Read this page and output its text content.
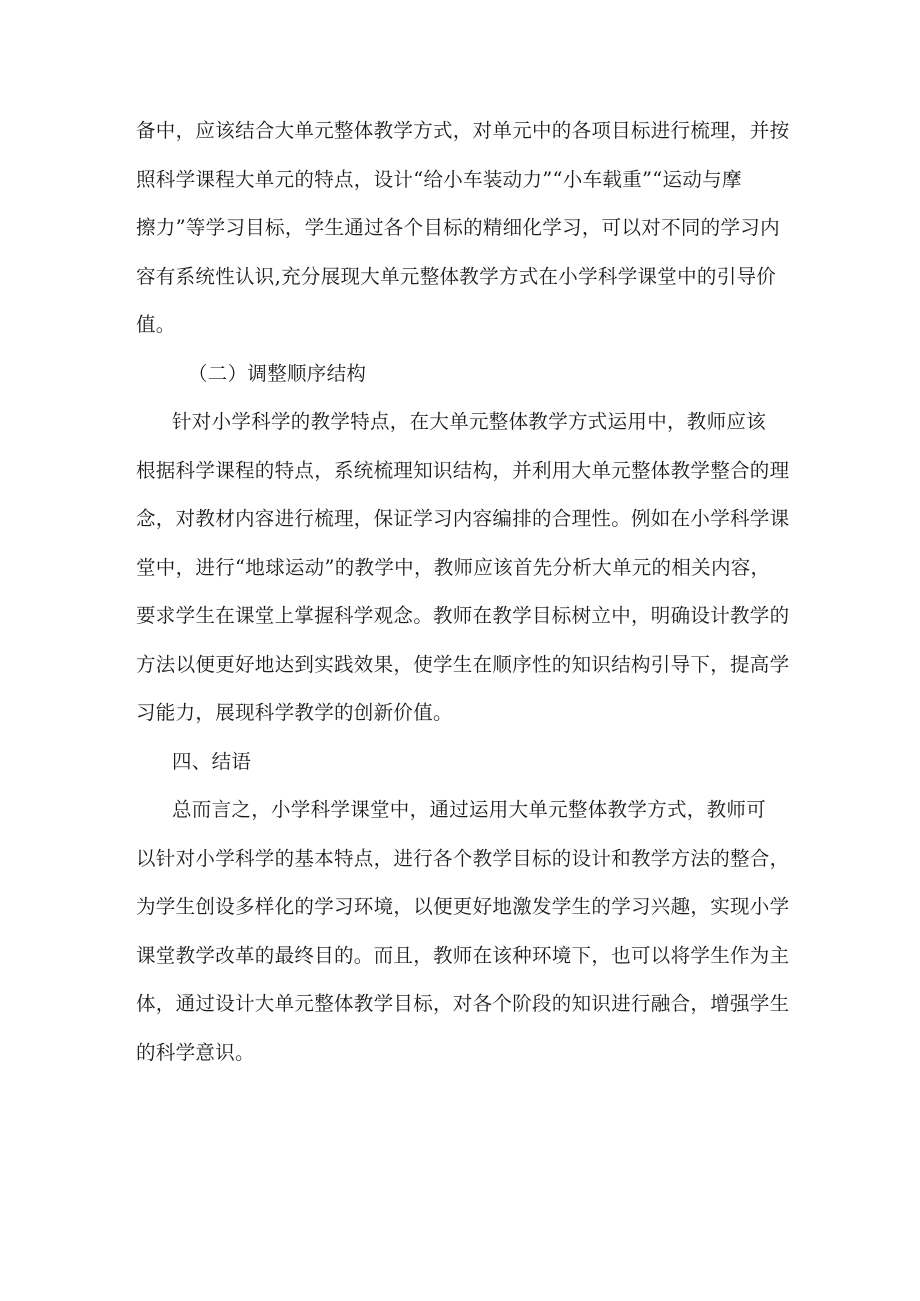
备中，应该结合大单元整体教学方式，对单元中的各项目标进行梳理，并按
照科学课程大单元的特点，设计“给小车装动力”“小车载重”“运动与摩
擦力”等学习目标，学生通过各个目标的精细化学习，可以对不同的学习内
容有系统性认识,充分展现大单元整体教学方式在小学科学课堂中的引导价
值。
（二）调整顺序结构
针对小学科学的教学特点，在大单元整体教学方式运用中，教师应该
根据科学课程的特点，系统梳理知识结构，并利用大单元整体教学整合的理
念，对教材内容进行梳理，保证学习内容编排的合理性。例如在小学科学课
堂中，进行“地球运动”的教学中，教师应该首先分析大单元的相关内容，
要求学生在课堂上掌握科学观念。教师在教学目标树立中，明确设计教学的
方法以便更好地达到实践效果，使学生在顺序性的知识结构引导下，提高学
习能力，展现科学教学的创新价值。
四、结语
总而言之，小学科学课堂中，通过运用大单元整体教学方式，教师可
以针对小学科学的基本特点，进行各个教学目标的设计和教学方法的整合，
为学生创设多样化的学习环境，以便更好地激发学生的学习兴趣，实现小学
课堂教学改革的最终目的。而且，教师在该种环境下，也可以将学生作为主
体，通过设计大单元整体教学目标，对各个阶段的知识进行融合，增强学生
的科学意识。
